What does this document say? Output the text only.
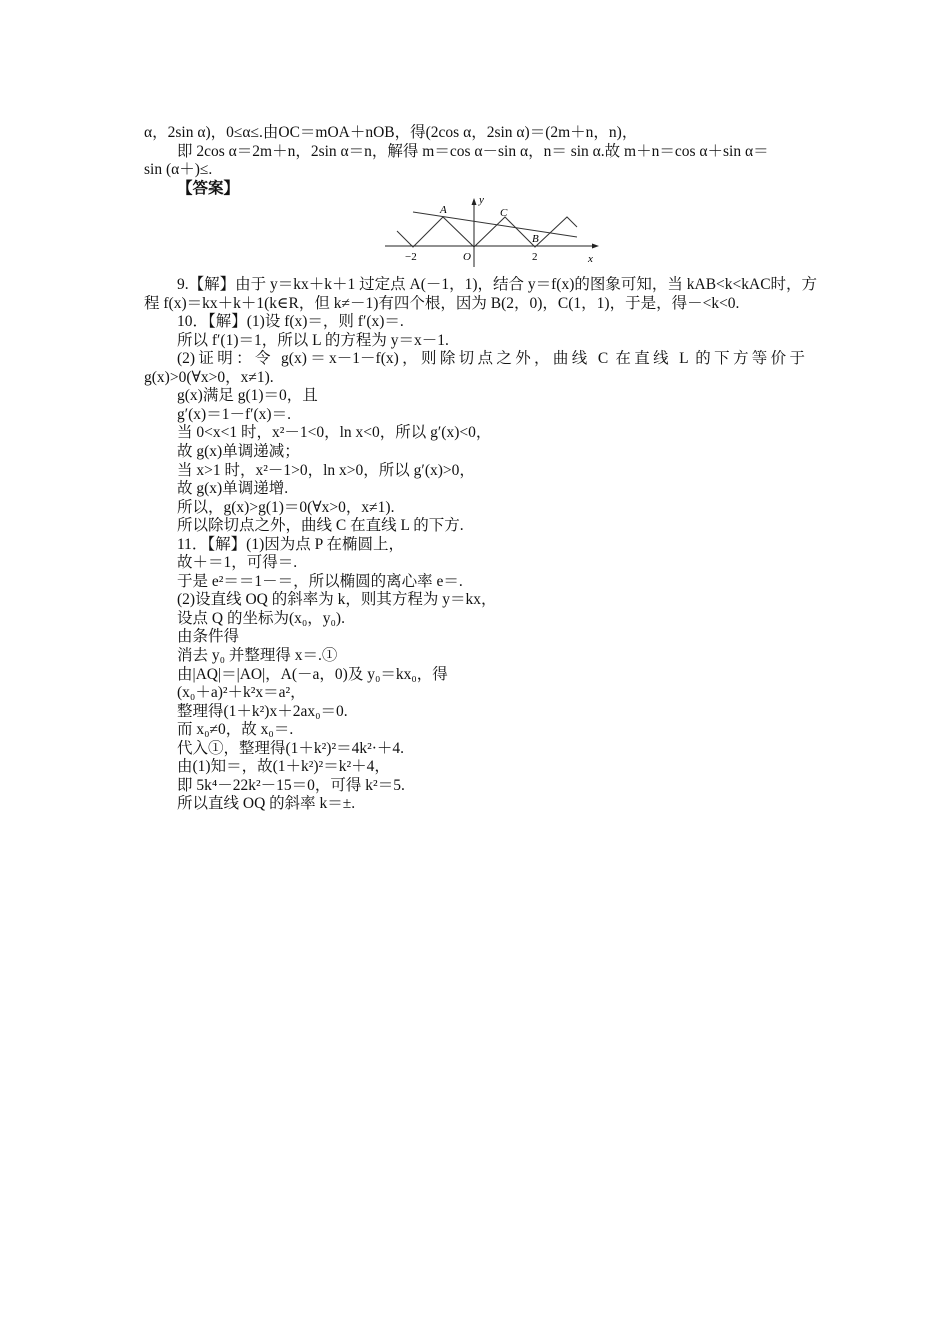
α，2sin α)，0≤α≤.由OC＝mOA＋nOB，得(2cos α，2sin α)＝(2m＋n，n)，
即 2cos α＝2m＋n，2sin α＝n，解得 m＝cos α－sin α，n＝ sin α.故 m＋n＝cos α＋sin α＝
sin (α＋)≤.
【答案】
y
x
−2	O	2
A	C
B
9.【解】由于 y＝kx＋k＋1 过定点 A(－1，1)，结合 y＝f(x)的图象可知，当 kAB<k<kAC时，方
程 f(x)＝kx＋k＋1(k∈R，但 k≠－1)有四个根，因为 B(2，0)，C(1，1)，于是，得－<k<0.
10．【解】(1)设 f(x)＝，则 f′(x)＝.
所以 f′(1)＝1，所以 L 的方程为 y＝x－1.
(2)证明：令 g(x)＝x－1－f(x)，则除切点之外，曲线 C 在直线 L 的下方等价于
g(x)>0(∀x>0，x≠1).
g(x)满足 g(1)＝0，且
g′(x)＝1－f′(x)＝.
当 0<x<1 时，x²－1<0，ln x<0，所以 g′(x)<0，
故 g(x)单调递减；
当 x>1 时，x²－1>0，ln x>0，所以 g′(x)>0，
故 g(x)单调递增.
所以，g(x)>g(1)＝0(∀x>0，x≠1).
所以除切点之外，曲线 C 在直线 L 的下方.
11．【解】(1)因为点 P 在椭圆上，
故＋＝1，可得＝.
于是 e²＝＝1－＝，所以椭圆的离心率 e＝.
(2)设直线 OQ 的斜率为 k，则其方程为 y＝kx，
设点 Q 的坐标为(x₀，y₀).
由条件得
消去 y₀ 并整理得 x＝.①
由|AQ|＝|AO|，A(－a，0)及 y₀＝kx₀，得
(x₀＋a)²＋k²x＝a²，
整理得(1＋k²)x＋2ax₀＝0.
而 x₀≠0，故 x₀＝.
代入①，整理得(1＋k²)²＝4k²·＋4.
由(1)知＝，故(1＋k²)²＝k²＋4，
即 5k⁴－22k²－15＝0，可得 k²＝5.
所以直线 OQ 的斜率 k＝±.
